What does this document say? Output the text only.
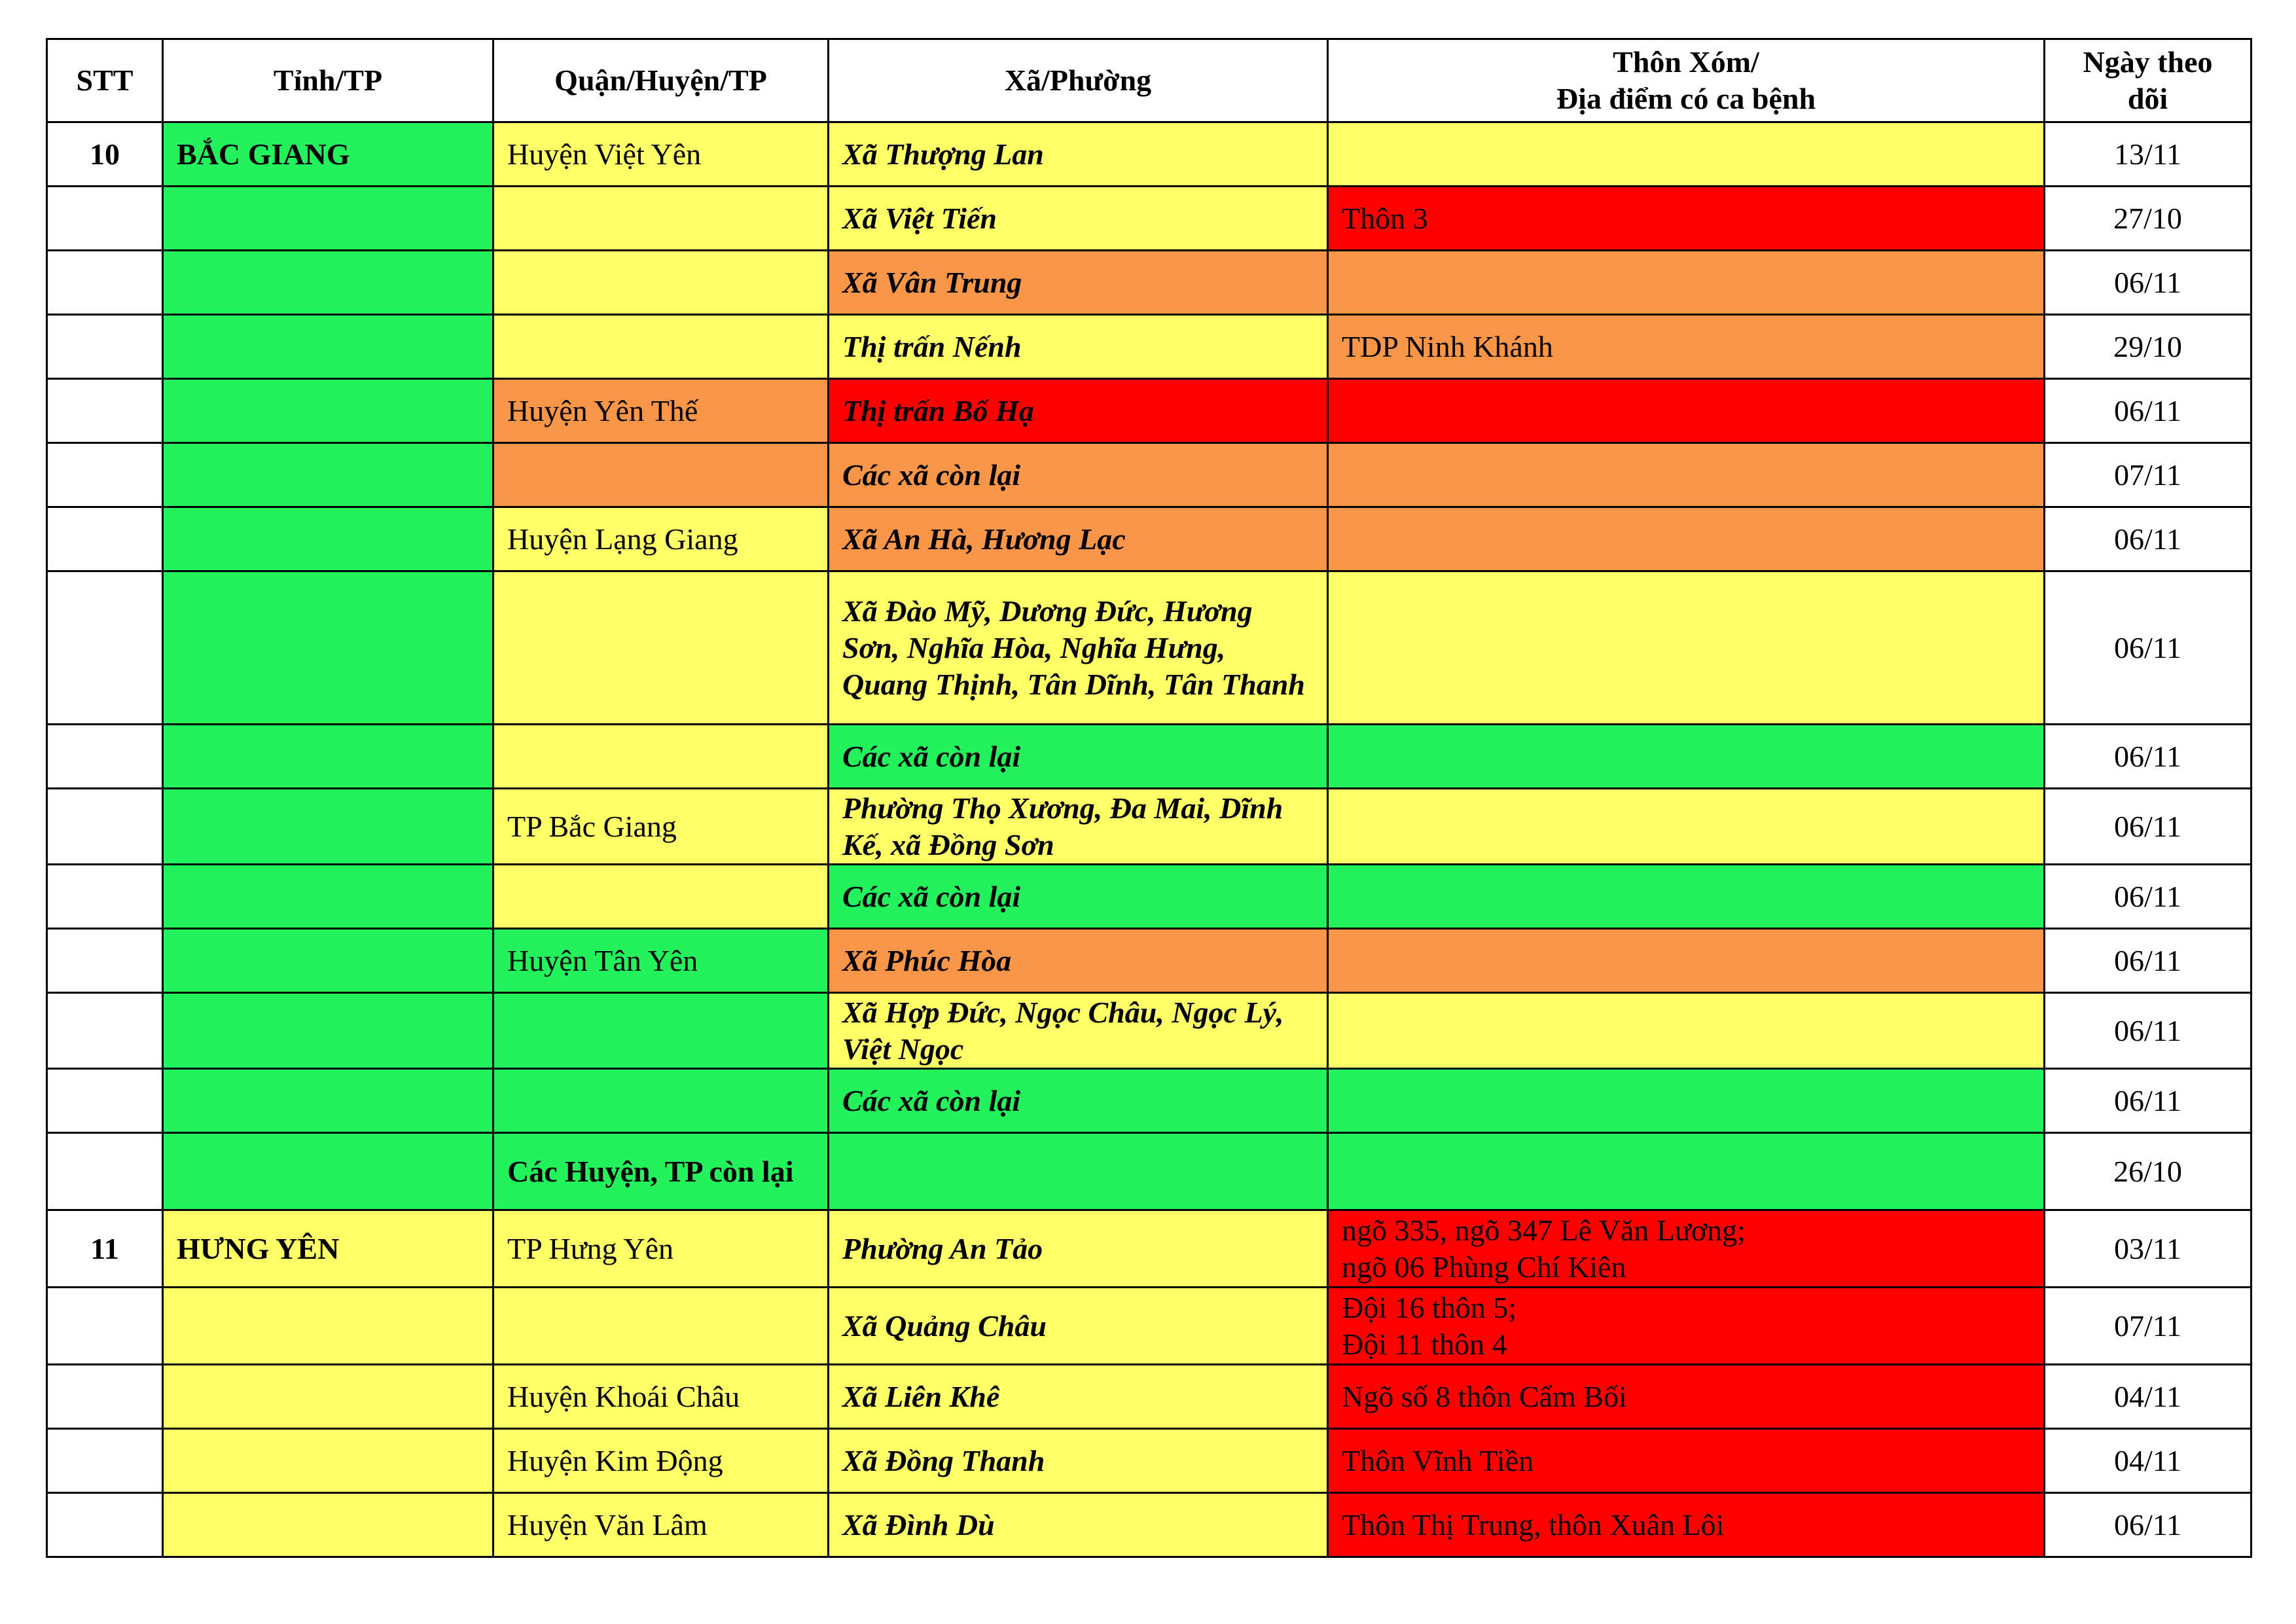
STT	Tỉnh/TP	Quận/Huyện/TP	Xã/Phường	Thôn Xóm/
Địa điểm có ca bệnh	Ngày theo
dõi

10	BẮC GIANG	Huyện Việt Yên	Xã Thượng Lan		13/11
			Xã Việt Tiến	Thôn 3	27/10
			Xã Vân Trung		06/11
			Thị trấn Nếnh	TDP Ninh Khánh	29/10
		Huyện Yên Thế	Thị trấn Bố Hạ		06/11
			Các xã còn lại		07/11
		Huyện Lạng Giang	Xã An Hà, Hương Lạc		06/11
			Xã Đào Mỹ, Dương Đức, Hương Sơn, Nghĩa Hòa, Nghĩa Hưng, Quang Thịnh, Tân Dĩnh, Tân Thanh		06/11
			Các xã còn lại		06/11
		TP Bắc Giang	Phường Thọ Xương, Đa Mai, Dĩnh Kế, xã Đồng Sơn		06/11
			Các xã còn lại		06/11
		Huyện Tân Yên	Xã Phúc Hòa		06/11
			Xã Hợp Đức, Ngọc Châu, Ngọc Lý, Việt Ngọc		06/11
			Các xã còn lại		06/11
		Các Huyện, TP còn lại			26/10
11	HƯNG YÊN	TP Hưng Yên	Phường An Tảo	ngõ 335, ngõ 347 Lê Văn Lương;
ngõ 06 Phùng Chí Kiên	03/11
			Xã Quảng Châu	Đội 16 thôn 5;
Đội 11 thôn 4	07/11
		Huyện Khoái Châu	Xã Liên Khê	Ngõ số 8 thôn Cẩm Bối	04/11
		Huyện Kim Động	Xã Đồng Thanh	Thôn Vĩnh Tiền	04/11
		Huyện Văn Lâm	Xã Đình Dù	Thôn Thị Trung, thôn Xuân Lôi	06/11
